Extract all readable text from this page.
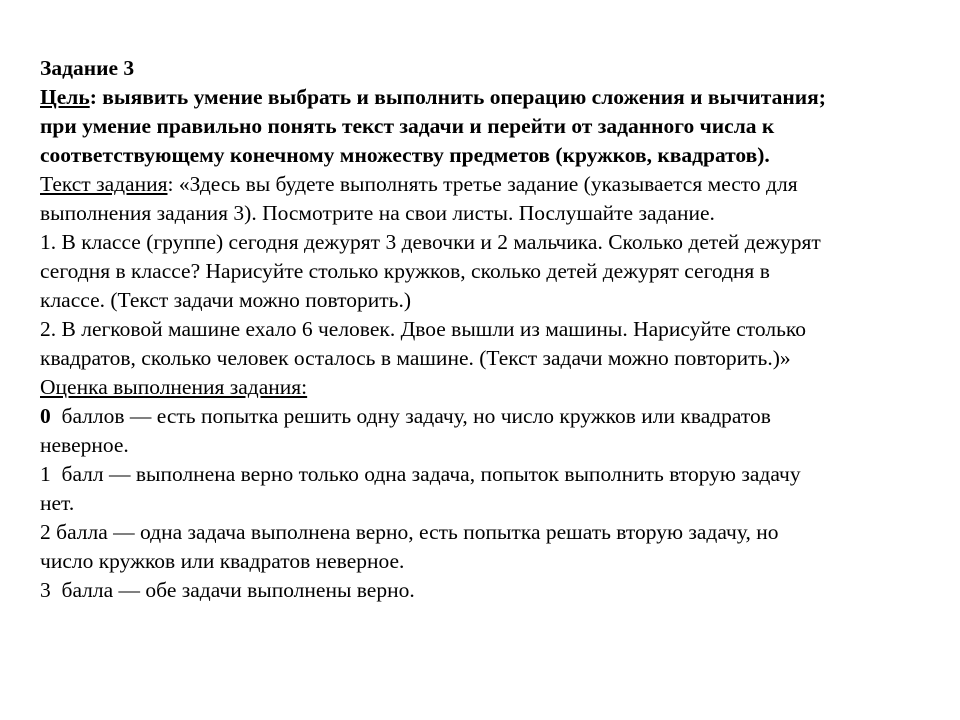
Задание 3
Цель: выявить умение выбрать и выполнить операцию сложения и вычитания;
при умение правильно понять текст задачи и перейти от заданного числа к
соответствующему конечному множеству предметов (кружков, квадратов).
Текст задания: «Здесь вы будете выполнять третье задание (указывается место для
выполнения задания 3). Посмотрите на свои листы. Послушайте задание.
1. В классе (группе) сегодня дежурят 3 девочки и 2 мальчика. Сколько детей дежурят
сегодня в классе? Нарисуйте столько кружков, сколько детей дежурят сегодня в
классе. (Текст задачи можно повторить.)
2. В легковой машине ехало 6 человек. Двое вышли из машины. Нарисуйте столько
квадратов, сколько человек осталось в машине. (Текст задачи можно повторить.)»
Оценка выполнения задания:
0  баллов — есть попытка решить одну задачу, но число кружков или квадратов
неверное.
1  балл — выполнена верно только одна задача, попыток выполнить вторую задачу
нет.
2 балла — одна задача выполнена верно, есть попытка решать вторую задачу, но
число кружков или квадратов неверное.
3  балла — обе задачи выполнены верно.
